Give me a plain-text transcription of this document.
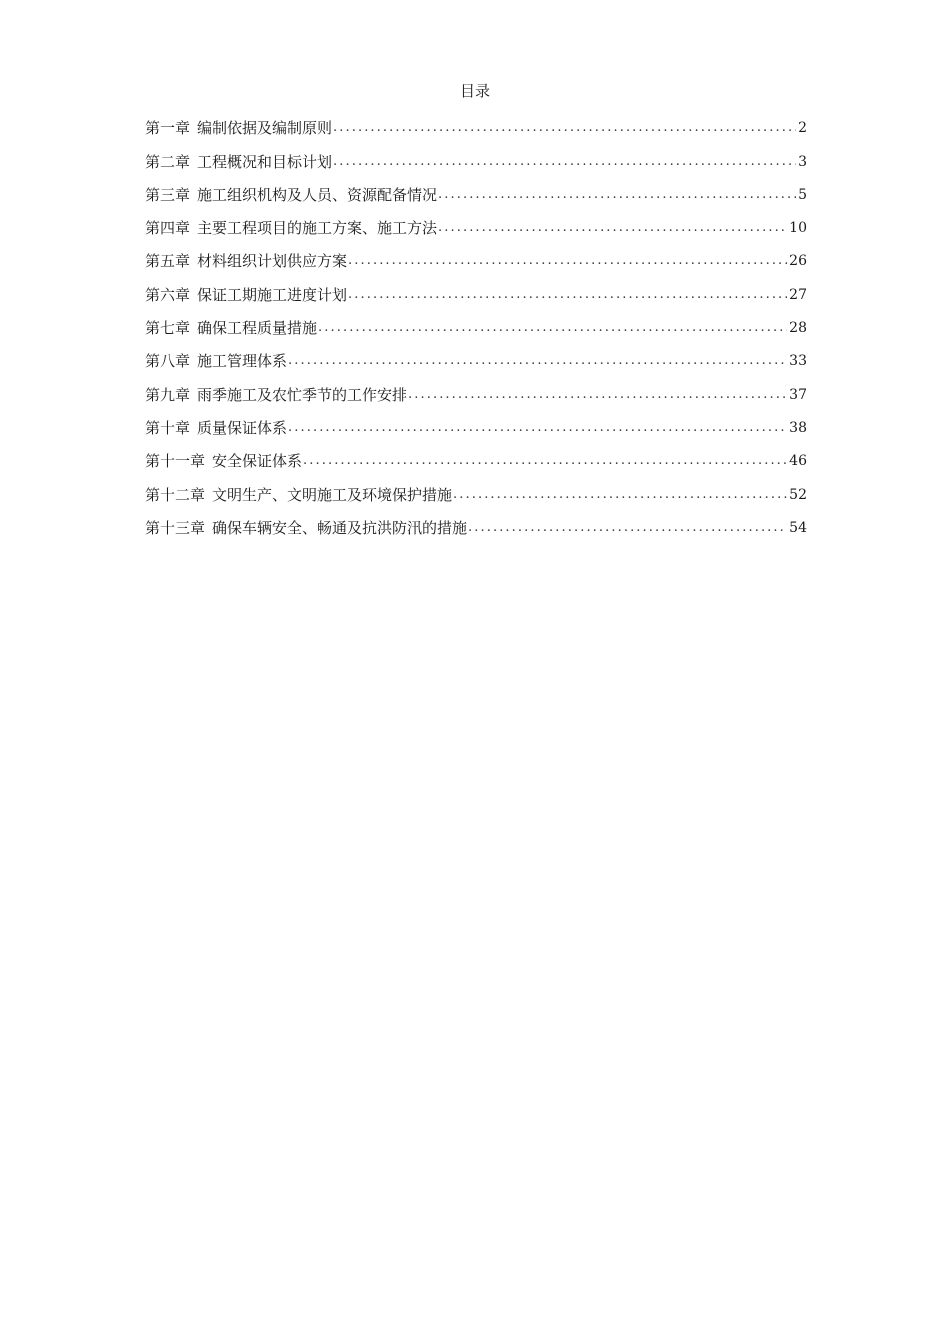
目录
第一章 编制依据及编制原则 .....	2
第二章 工程概况和目标计划 .....	3
第三章 施工组织机构及人员、资源配备情况 .....	5
第四章 主要工程项目的施工方案、施工方法 .....	10
第五章 材料组织计划供应方案 .....	26
第六章 保证工期施工进度计划 .....	27
第七章 确保工程质量措施 .....	28
第八章 施工管理体系 .....	33
第九章 雨季施工及农忙季节的工作安排 .....	37
第十章 质量保证体系 .....	38
第十一章 安全保证体系 .....	46
第十二章 文明生产、文明施工及环境保护措施 .....	52
第十三章 确保车辆安全、畅通及抗洪防汛的措施 .....	54
